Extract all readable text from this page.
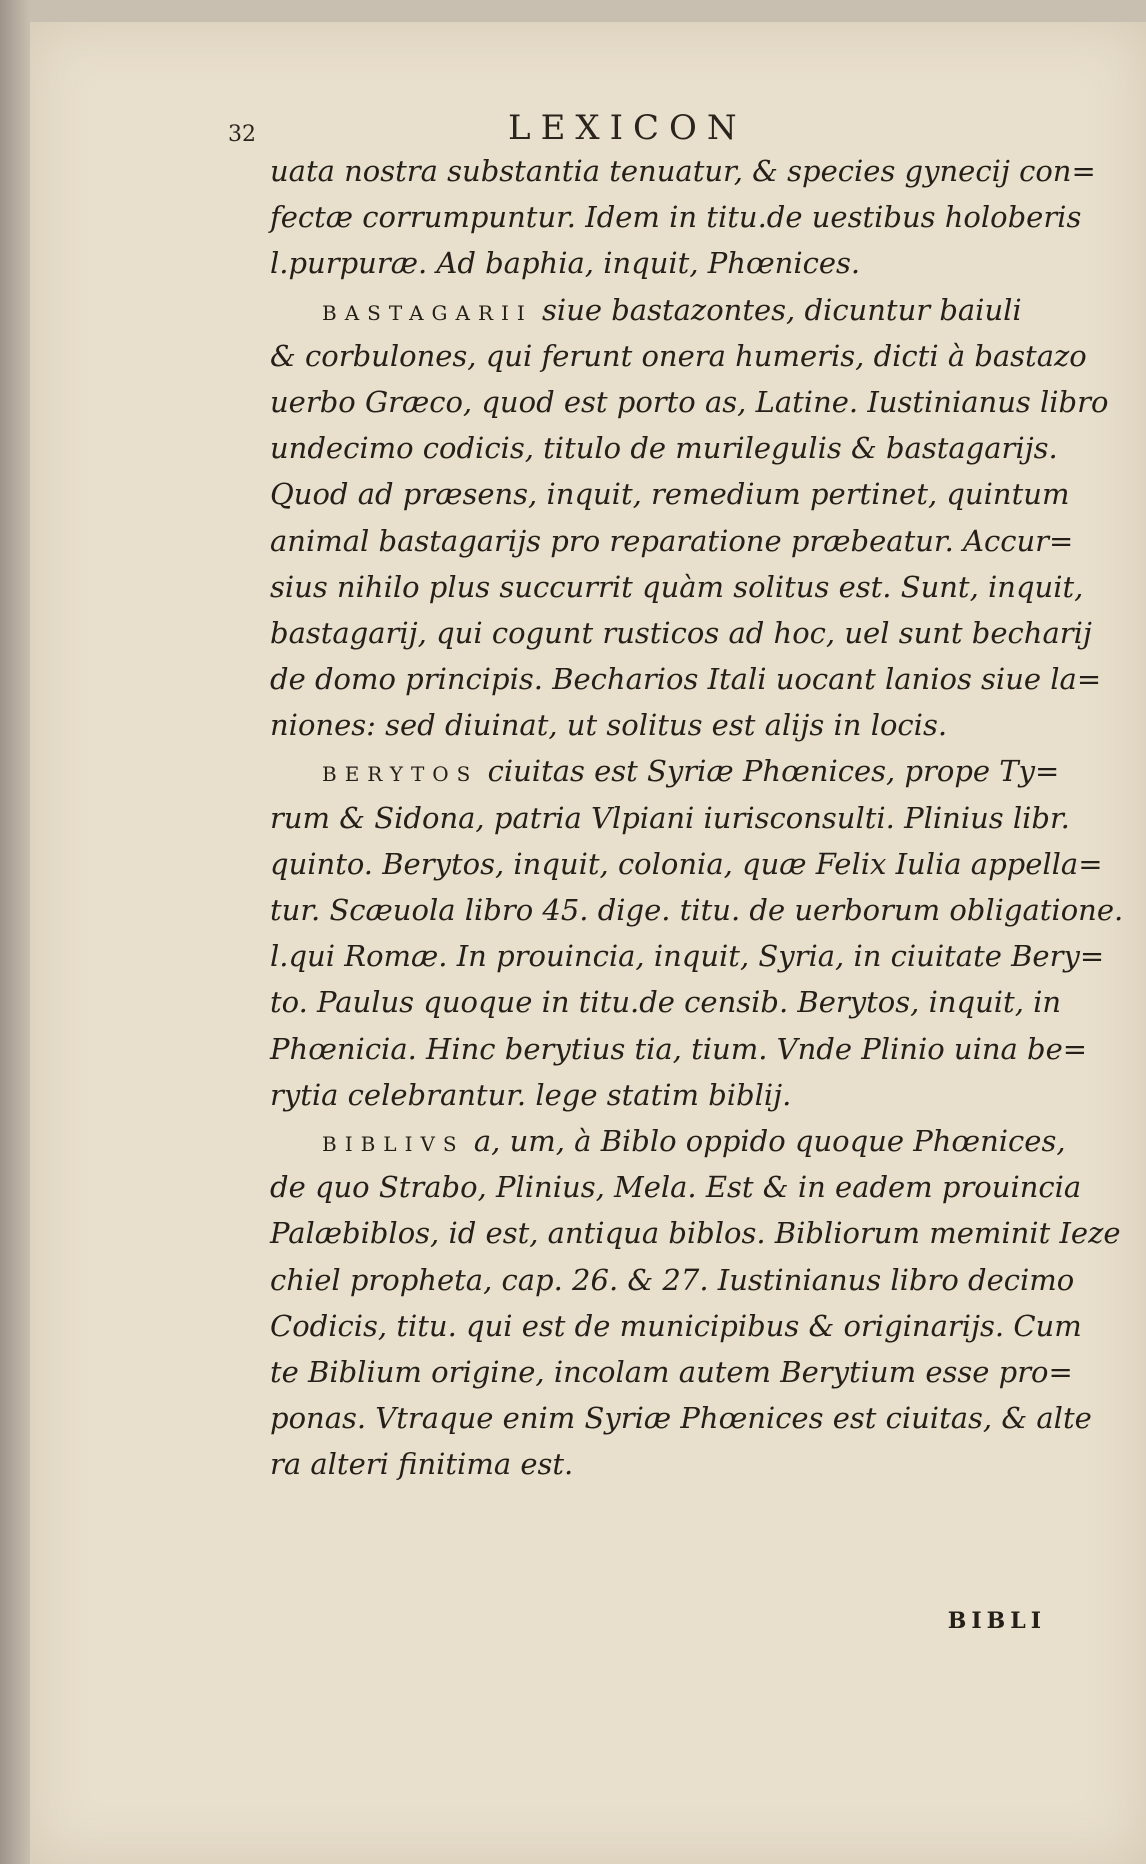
32	LEXICON
uata nostra substantia tenuatur, & species gynecij con=
fectæ corrumpuntur. Idem in titu.de uestibus holoberis
l.purpuræ. Ad baphia, inquit, Phœnices.
BASTAGARII siue bastazontes, dicuntur baiuli
& corbulones, qui ferunt onera humeris, dicti à bastazo
uerbo Græco, quod est porto as, Latine. Iustinianus libro
undecimo codicis, titulo de murilegulis & bastagarijs.
Quod ad præsens, inquit, remedium pertinet, quintum
animal bastagarijs pro reparatione præbeatur. Accur=
sius nihilo plus succurrit quàm solitus est. Sunt, inquit,
bastagarij, qui cogunt rusticos ad hoc, uel sunt becharij
de domo principis. Becharios Itali uocant lanios siue la=
niones: sed diuinat, ut solitus est alijs in locis.
BERYTOS ciuitas est Syriæ Phœnices, prope Ty=
rum & Sidona, patria Vlpiani iurisconsulti. Plinius libr.
quinto. Berytos, inquit, colonia, quæ Felix Iulia appella=
tur. Scæuola libro 45. dige. titu. de uerborum obligatione.
l.qui Romæ. In prouincia, inquit, Syria, in ciuitate Bery=
to. Paulus quoque in titu.de censib. Berytos, inquit, in
Phœnicia. Hinc berytius tia, tium. Vnde Plinio uina be=
rytia celebrantur. lege statim biblij.
BIBLIVS a, um, à Biblo oppido quoque Phœnices,
de quo Strabo, Plinius, Mela. Est & in eadem prouincia
Palæbiblos, id est, antiqua biblos. Bibliorum meminit Ieze
chiel propheta, cap. 26. & 27. Iustinianus libro decimo
Codicis, titu. qui est de municipibus & originarijs. Cum
te Biblium origine, incolam autem Berytium esse pro=
ponas. Vtraque enim Syriæ Phœnices est ciuitas, & alte
ra alteri finitima est.
BIBLI
